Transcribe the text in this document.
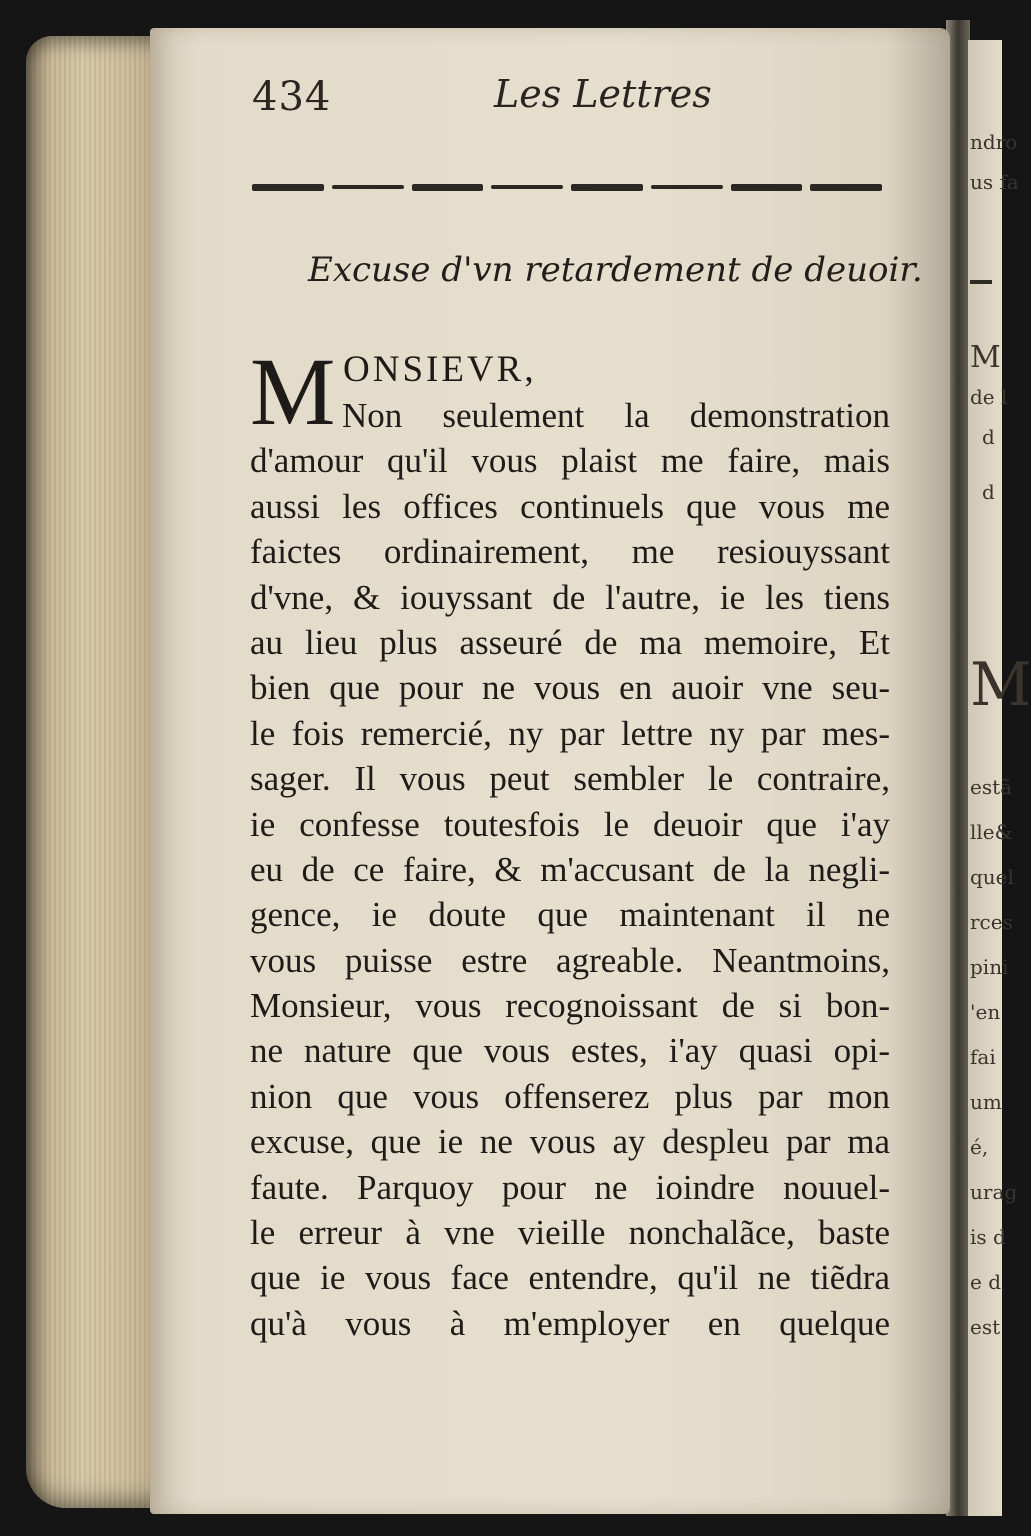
ndro
us fa
M
de l
d
d
M
estã
lle&
quel
rces
pini
'en
fai
um
é,
urag
is d
e d
est
434	Les Lettres
Excuse d'vn retardement de deuoir.
M ONSIEVR,
Non seulement la demonstration
d'amour qu'il vous plaist me faire, mais
aussi les offices continuels que vous me
faictes ordinairement, me resiouyssant
d'vne, & iouyssant de l'autre, ie les tiens
au lieu plus asseuré de ma memoire, Et
bien que pour ne vous en auoir vne seu-
le fois remercié, ny par lettre ny par mes-
sager. Il vous peut sembler le contraire,
ie confesse toutesfois le deuoir que i'ay
eu de ce faire, & m'accusant de la negli-
gence, ie doute que maintenant il ne
vous puisse estre agreable. Neantmoins,
Monsieur, vous recognoissant de si bon-
ne nature que vous estes, i'ay quasi opi-
nion que vous offenserez plus par mon
excuse, que ie ne vous ay despleu par ma
faute. Parquoy pour ne ioindre nouuel-
le erreur à vne vieille nonchalãce, baste
que ie vous face entendre, qu'il ne tiẽdra
qu'à vous à m'employer en quelque
